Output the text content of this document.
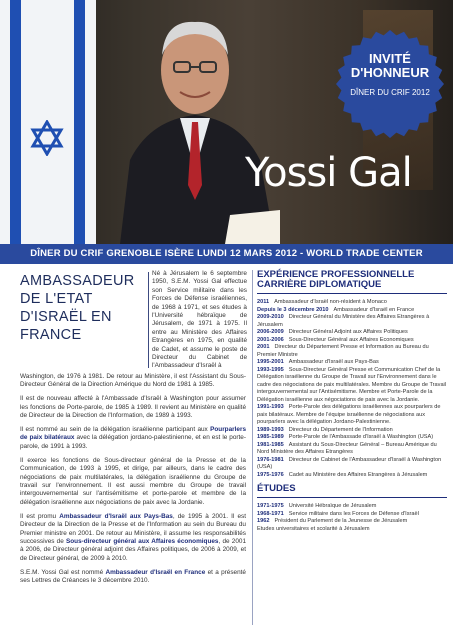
Yossi Gal
INVITÉ
D'HONNEUR
DÎNER DU CRIF 2012
DÎNER DU CRIF GRENOBLE ISÈRE LUNDI 12 MARS 2012 - WORLD TRADE CENTER
AMBASSADEUR
DE L'ETAT
D'ISRAËL EN
FRANCE
Né à Jérusalem le 6 septembre 1950, S.E.M. Yossi Gal effectue son Service militaire dans les Forces de Défense israéliennes, de 1968 à 1971, et ses études à l'Université hébraïque de Jérusalem, de 1971 à 1975. Il entre au Ministère des Affaires Etrangères en 1975, en qualité de Cadet, et assume le poste de Directeur du Cabinet de l'Ambassadeur d'Israël à

Washington, de 1976 à 1981. De retour au Ministère, il est l'Assistant du Sous-Directeur Général de la Direction Amérique du Nord de 1981 à 1985.

Il est de nouveau affecté à l'Ambassade d'Israël à Washington pour assumer les fonctions de Porte-parole, de 1985 à 1989. Il revient au Ministère en qualité de Directeur de la Direction de l'Information, de 1989 à 1993.

Il est nommé au sein de la délégation israélienne participant aux Pourparlers de paix bilatéraux avec la délégation jordano-palestinienne, et en est le porte-parole, de 1991 à 1993.

Il exerce les fonctions de Sous-directeur général de la Presse et de la Communication, de 1993 à 1995, et dirige, par ailleurs, dans le cadre des négociations de paix multilatérales, la délégation israélienne du Groupe de travail sur l'environnement. Il est aussi membre du Groupe de travail intergouvernemental sur l'antisémitisme et porte-parole et membre de la délégation israélienne aux négociations de paix avec la Jordanie.

Il est promu Ambassadeur d'Israël aux Pays-Bas, de 1995 à 2001. Il est Directeur de la Direction de la Presse et de l'Information au sein du Bureau du Premier ministre en 2001. De retour au Ministère, il assume les responsabilités successives de Sous-directeur général aux Affaires économiques, de 2001 à 2006, de Directeur général adjoint des Affaires politiques, de 2006 à 2009, et de Directeur général, de 2009 à 2010.

S.E.M. Yossi Gal est nommé Ambassadeur d'Israël en France et a présenté ses Lettres de Créances le 3 décembre 2010.

EXPÉRIENCE PROFESSIONNELLE
CARRIÈRE DIPLOMATIQUE

2011 Ambassadeur d'Israël non-résident à Monaco

Depuis le 3 décembre 2010 Ambassadeur d'Israël en France

2009-2010 Directeur Général du Ministère des Affaires Etrangères à Jérusalem

2006-2009 Directeur Général Adjoint aux Affaires Politiques

2001-2006 Sous-Directeur Général aux Affaires Economiques

2001 Directeur du Département Presse et Information au Bureau du Premier Ministre

1995-2001 Ambassadeur d'Israël aux Pays-Bas

1993-1995 Sous-Directeur Général Presse et Communication Chef de la Délégation israélienne du Groupe de Travail sur l'Environnement dans le cadre des négociations de paix multilatérales. Membre du Groupe de Travail intergouvernemental sur l'Antisémitisme. Membre et Porte-Parole de la Délégation israélienne aux négociations de paix avec la Jordanie.

1991-1993 Porte-Parole des délégations israéliennes aux pourparlers de paix bilatéraux. Membre de l'équipe israélienne de négociations aux pourparlers avec la délégation Jordano-Palestinienne.

1989-1993 Directeur du Département de l'Information

1985-1989 Porte-Parole de l'Ambassade d'Israël à Washington (USA)

1981-1985 Assistant du Sous-Directeur Général – Bureau Amérique du Nord Ministère des Affaires Etrangères

1976-1981 Directeur de Cabinet de l'Ambassadeur d'Israël à Washington (USA)

1975-1976 Cadet au Ministère des Affaires Etrangères à Jérusalem

ÉTUDES

1971-1975 Université Hébraïque de Jérusalem

1968-1971 Service militaire dans les Forces de Défense d'Israël

1962 Président du Parlement de la Jeunesse de Jérusalem

Etudes universitaires et scolarité à Jérusalem
